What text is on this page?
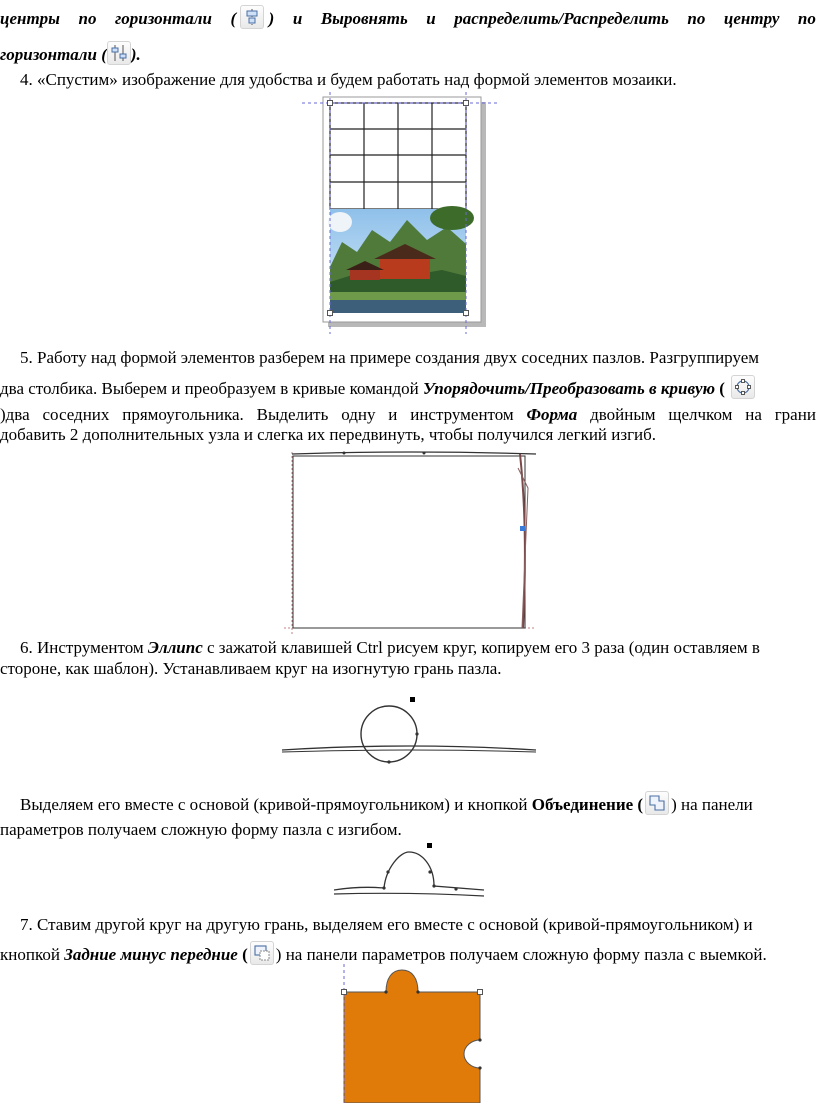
центры по горизонтали ( ) и Выровнять и распределить/Распределить по центру по
горизонтали ( ).
4. «Спустим» изображение для удобства и будем работать над формой элементов мозаики.
5. Работу над формой элементов разберем на примере создания двух соседних пазлов. Разгруппируем
два столбика. Выберем и преобразуем в кривые командой Упорядочить/Преобразовать в кривую (
)два соседних прямоугольника. Выделить одну и инструментом Форма двойным щелчком на грани
добавить 2 дополнительных узла и слегка их передвинуть, чтобы получился легкий изгиб.
6. Инструментом Эллипс с зажатой клавишей Ctrl рисуем круг, копируем его 3 раза (один оставляем в
стороне, как шаблон). Устанавливаем круг на изогнутую грань пазла.
Выделяем его вместе с основой (кривой-прямоугольником) и кнопкой Объединение ( ) на панели
параметров получаем сложную форму пазла с изгибом.
7. Ставим другой круг на другую грань, выделяем его вместе с основой (кривой-прямоугольником) и
кнопкой Задние минус передние ( ) на панели параметров получаем сложную форму пазла с выемкой.
